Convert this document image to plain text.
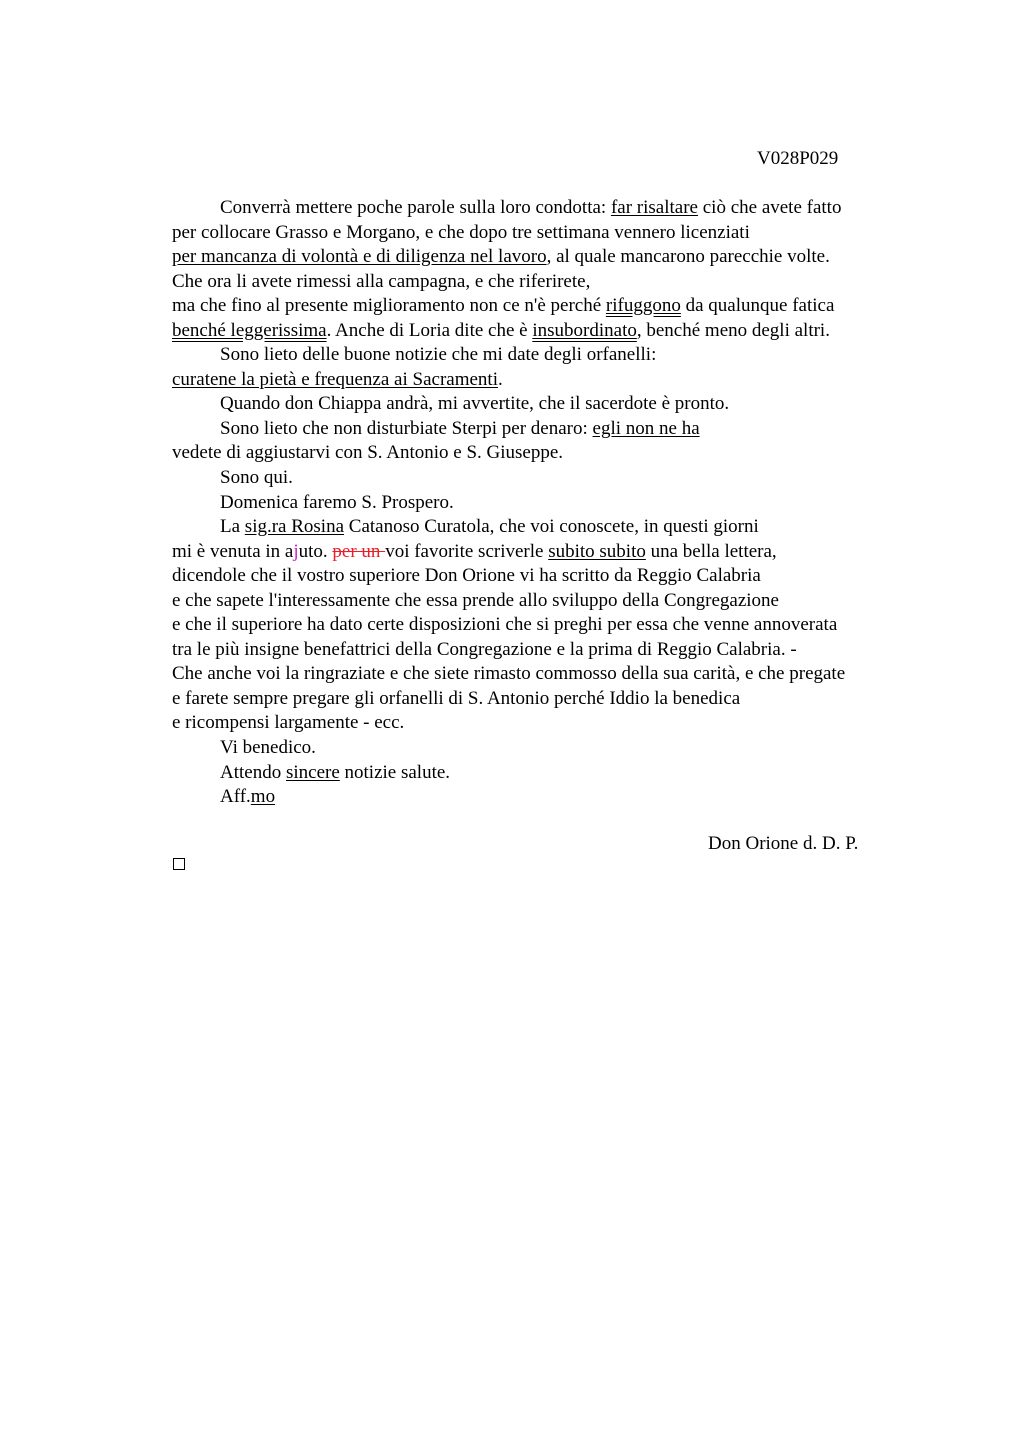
V028P029
Converrà mettere poche parole sulla loro condotta: far risaltare ciò che avete fatto
per collocare Grasso e Morgano, e che dopo tre settimana vennero licenziati
per mancanza di volontà e di diligenza nel lavoro, al quale mancarono parecchie volte.
Che ora li avete rimessi alla campagna, e che riferirete,
ma che fino al presente miglioramento non ce n'è perché rifuggono da qualunque fatica
benché leggerissima. Anche di Loria dite che è insubordinato, benché meno degli altri.
Sono lieto delle buone notizie che mi date degli orfanelli:
curatene la pietà e frequenza ai Sacramenti.
Quando don Chiappa andrà, mi avvertite, che il sacerdote è pronto.
Sono lieto che non disturbiate Sterpi per denaro: egli non ne ha
vedete di aggiustarvi con S. Antonio e S. Giuseppe.
Sono qui.
Domenica faremo S. Prospero.
La sig.ra Rosina Catanoso Curatola, che voi conoscete, in questi giorni
mi è venuta in ajuto. per un voi favorite scriverle subito subito una bella lettera,
dicendole che il vostro superiore Don Orione vi ha scritto da Reggio Calabria
e che sapete l'interessamente che essa prende allo sviluppo della Congregazione
e che il superiore ha dato certe disposizioni che si preghi per essa che venne annoverata
tra le più insigne benefattrici della Congregazione e la prima di Reggio Calabria. -
Che anche voi la ringraziate e che siete rimasto commosso della sua carità, e che pregate
e farete sempre pregare gli orfanelli di S. Antonio perché Iddio la benedica
e ricompensi largamente - ecc.
Vi benedico.
Attendo sincere notizie salute.
Aff.mo
Don Orione d. D. P.
